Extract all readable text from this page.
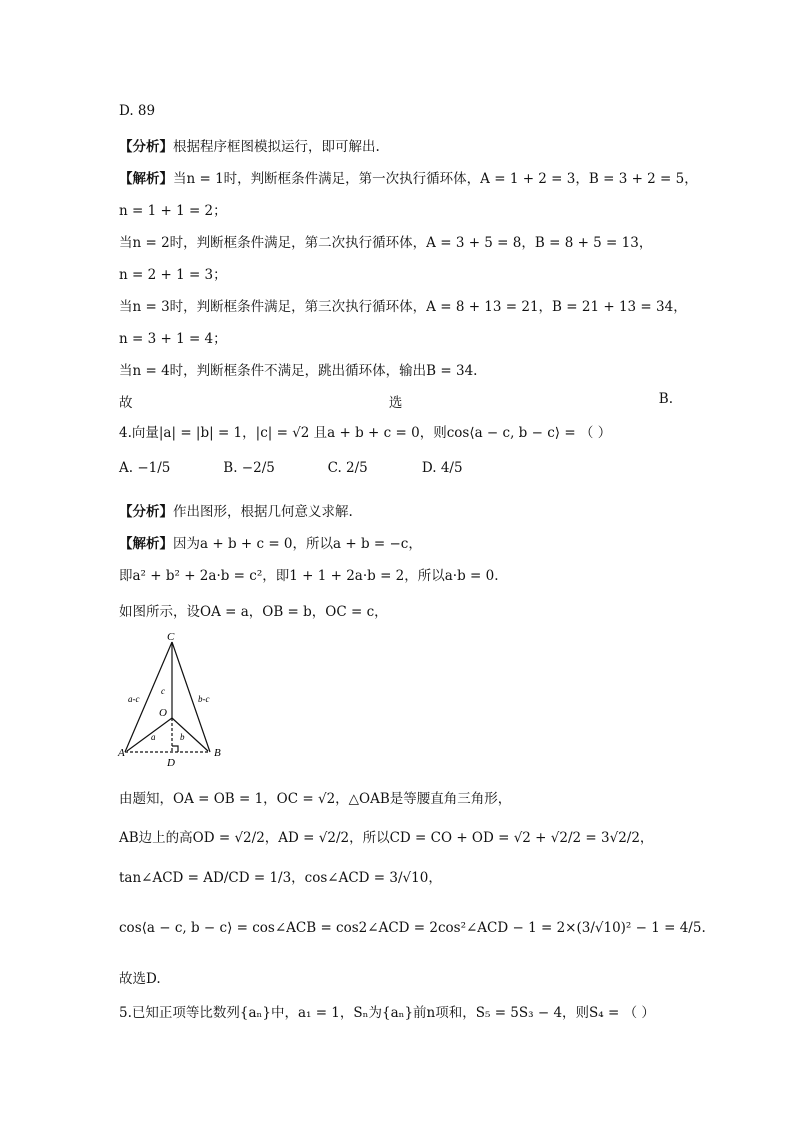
D. 89
【分析】根据程序框图模拟运行，即可解出.
【解析】当n = 1时，判断框条件满足，第一次执行循环体，A = 1 + 2 = 3，B = 3 + 2 = 5，
n = 1 + 1 = 2；
当n = 2时，判断框条件满足，第二次执行循环体，A = 3 + 5 = 8，B = 8 + 5 = 13，
n = 2 + 1 = 3；
当n = 3时，判断框条件满足，第三次执行循环体，A = 8 + 13 = 21，B = 21 + 13 = 34，
n = 3 + 1 = 4；
当n = 4时，判断框条件不满足，跳出循环体，输出B = 34.
故	选	B.
4.向量|a| = |b| = 1，|c| = √2 且a + b + c = 0，则cos⟨a − c, b − c⟩ = （ ）
A. −1/5	B. −2/5	C. 2/5	D. 4/5
【分析】作出图形，根据几何意义求解.
【解析】因为a + b + c = 0，所以a + b = −c，
即a² + b² + 2a·b = c²，即1 + 1 + 2a·b = 2，所以a·b = 0.
如图所示，设OA = a，OB = b，OC = c，
C
O
A	B
D
a-c	b-c
c
a	b
由题知，OA = OB = 1，OC = √2，△OAB是等腰直角三角形，
AB边上的高OD = √2/2，AD = √2/2，所以CD = CO + OD = √2 + √2/2 = 3√2/2，
tan∠ACD = AD/CD = 1/3，cos∠ACD = 3/√10，
cos⟨a − c, b − c⟩ = cos∠ACB = cos2∠ACD = 2cos²∠ACD − 1 = 2×(3/√10)² − 1 = 4/5.
故选D.
5.已知正项等比数列{aₙ}中，a₁ = 1，Sₙ为{aₙ}前n项和，S₅ = 5S₃ − 4，则S₄ = （ ）
